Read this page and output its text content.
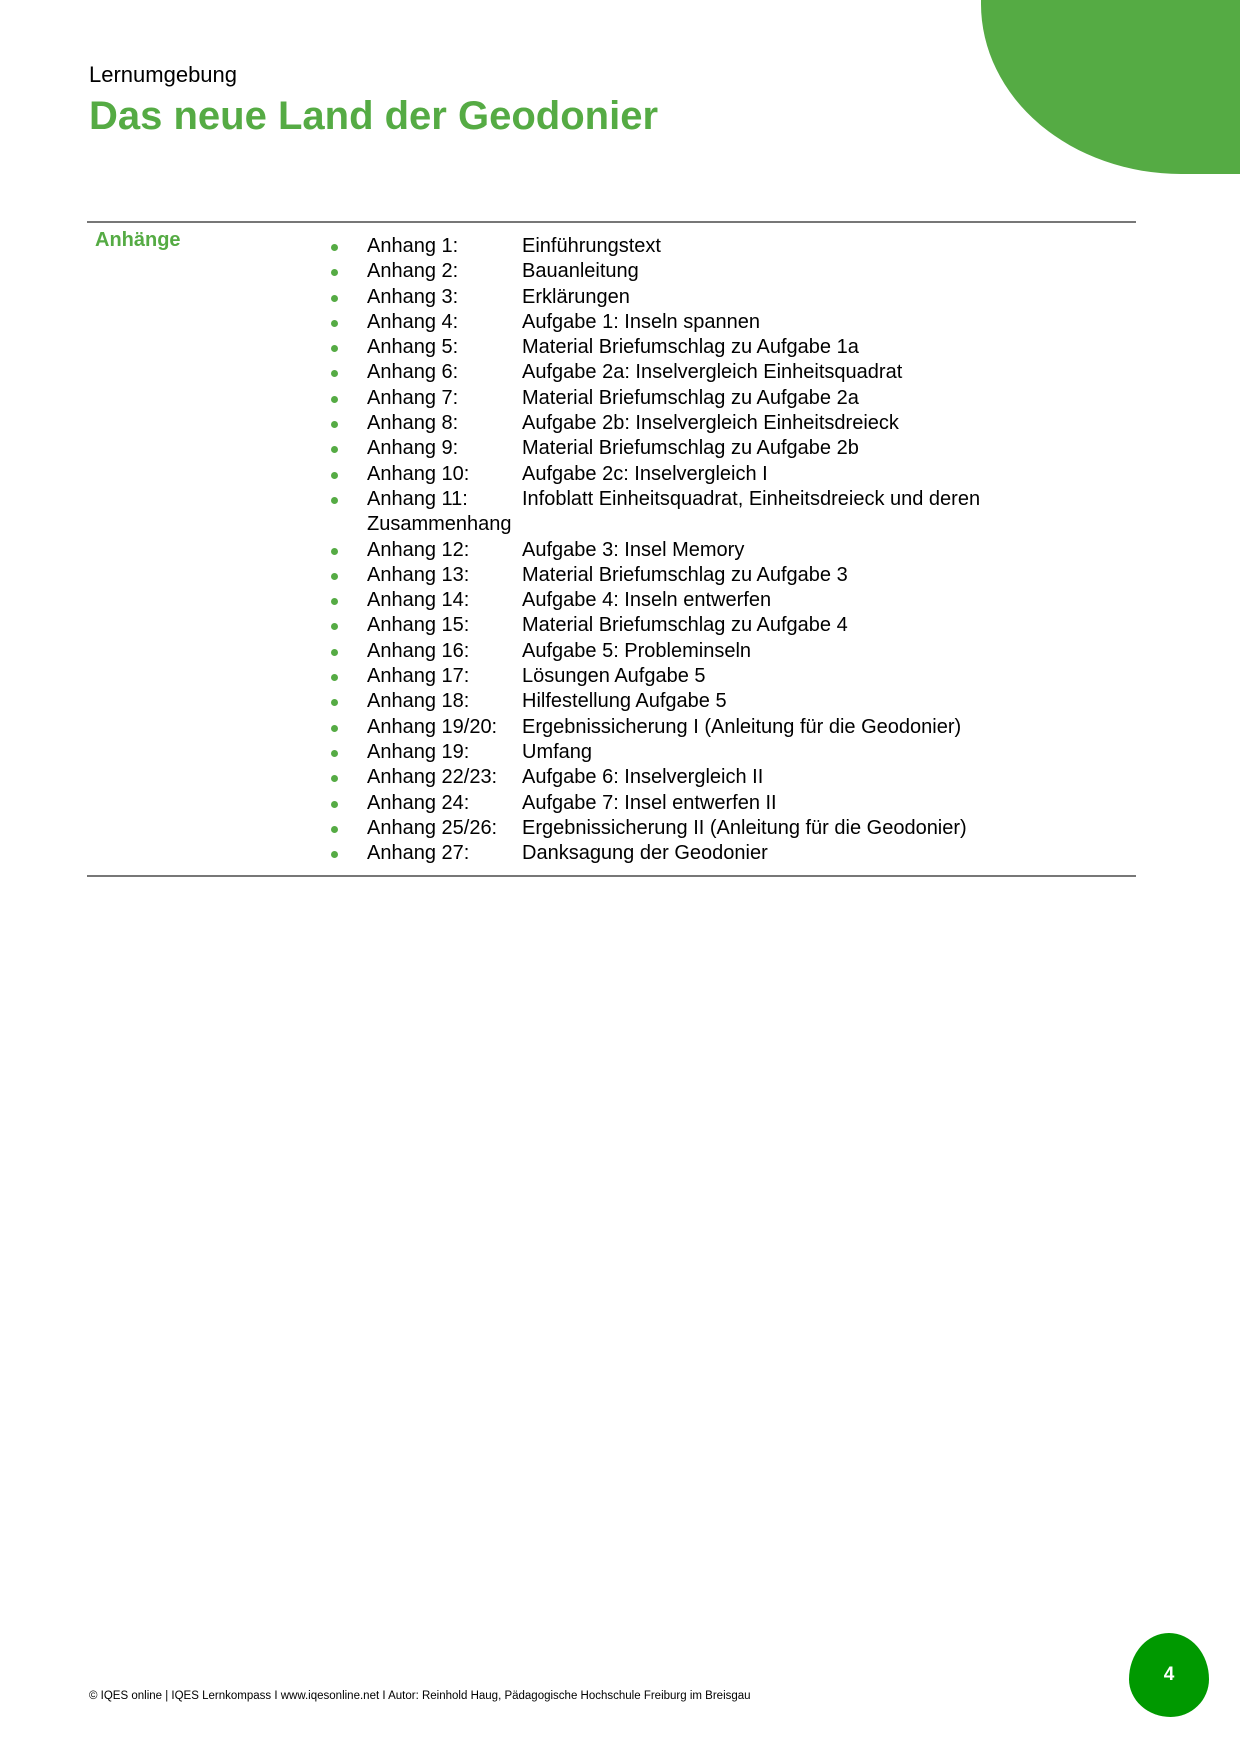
Lernumgebung
Das neue Land der Geodonier
Anhänge	Anhang 1:	Einführungstext
Anhang 2:	Bauanleitung
Anhang 3:	Erklärungen
Anhang 4:	Aufgabe 1: Inseln spannen
Anhang 5:	Material Briefumschlag zu Aufgabe 1a
Anhang 6:	Aufgabe 2a: Inselvergleich Einheitsquadrat
Anhang 7:	Material Briefumschlag zu Aufgabe 2a
Anhang 8:	Aufgabe 2b: Inselvergleich Einheitsdreieck
Anhang 9:	Material Briefumschlag zu Aufgabe 2b
Anhang 10:	Aufgabe 2c: Inselvergleich I
Anhang 11:	Infoblatt Einheitsquadrat, Einheitsdreieck und deren
Zusammenhang
Anhang 12:	Aufgabe 3: Insel Memory
Anhang 13:	Material Briefumschlag zu Aufgabe 3
Anhang 14:	Aufgabe 4: Inseln entwerfen
Anhang 15:	Material Briefumschlag zu Aufgabe 4
Anhang 16:	Aufgabe 5: Probleminseln
Anhang 17:	Lösungen Aufgabe 5
Anhang 18:	Hilfestellung Aufgabe 5
Anhang 19/20: Ergebnissicherung I (Anleitung für die Geodonier)
Anhang 19:	Umfang
Anhang 22/23: Aufgabe 6: Inselvergleich II
Anhang 24:	Aufgabe 7: Insel entwerfen II
Anhang 25/26: Ergebnissicherung II (Anleitung für die Geodonier)
Anhang 27:	Danksagung der Geodonier
© IQES online | IQES Lernkompass I www.iqesonline.net I Autor: Reinhold Haug, Pädagogische Hochschule Freiburg im Breisgau
4
